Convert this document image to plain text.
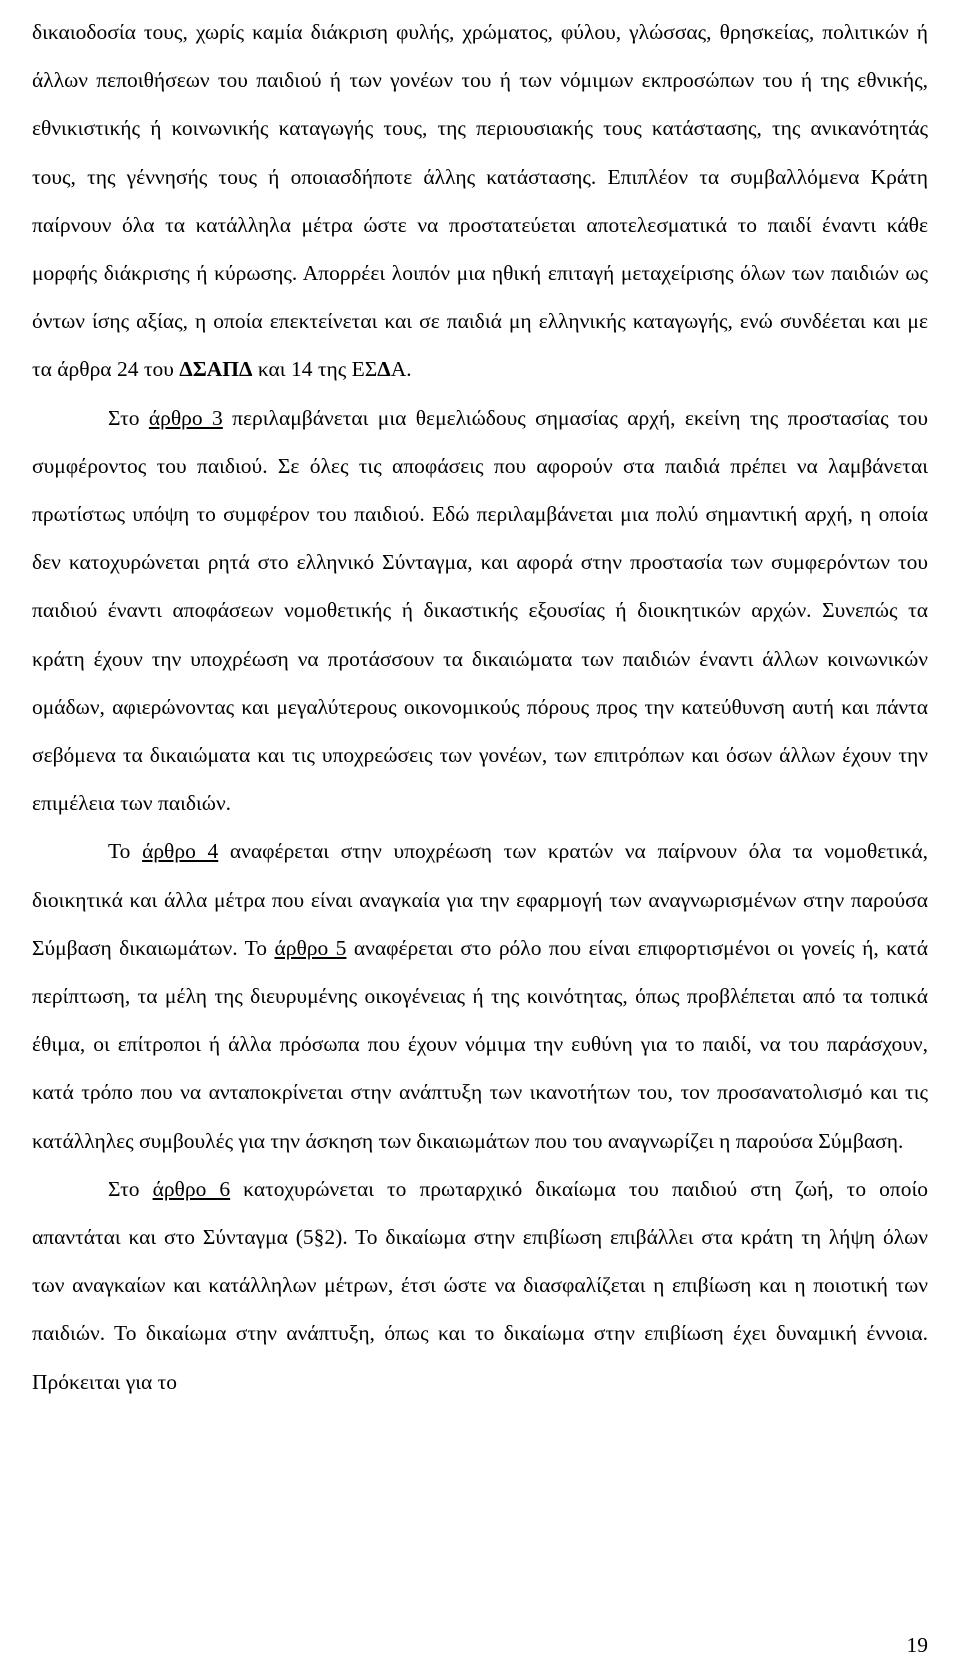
δικαιοδοσία τους, χωρίς καμία διάκριση φυλής, χρώματος, φύλου, γλώσσας, θρησκείας, πολιτικών ή άλλων πεποιθήσεων του παιδιού ή των γονέων του ή των νόμιμων εκπροσώπων του ή της εθνικής, εθνικιστικής ή κοινωνικής καταγωγής τους, της περιουσιακής τους κατάστασης, της ανικανότητάς τους, της γέννησής τους ή οποιασδήποτε άλλης κατάστασης. Επιπλέον τα συμβαλλόμενα Κράτη παίρνουν όλα τα κατάλληλα μέτρα ώστε να προστατεύεται αποτελεσματικά το παιδί έναντι κάθε μορφής διάκρισης ή κύρωσης. Απορρέει λοιπόν μια ηθική επιταγή μεταχείρισης όλων των παιδιών ως όντων ίσης αξίας, η οποία επεκτείνεται και σε παιδιά μη ελληνικής καταγωγής, ενώ συνδέεται και με τα άρθρα 24 του ΔΣΑΠΔ και 14 της ΕΣΔΑ.

Στο άρθρο 3 περιλαμβάνεται μια θεμελιώδους σημασίας αρχή, εκείνη της προστασίας του συμφέροντος του παιδιού. Σε όλες τις αποφάσεις που αφορούν στα παιδιά πρέπει να λαμβάνεται πρωτίστως υπόψη το συμφέρον του παιδιού. Εδώ περιλαμβάνεται μια πολύ σημαντική αρχή, η οποία δεν κατοχυρώνεται ρητά στο ελληνικό Σύνταγμα, και αφορά στην προστασία των συμφερόντων του παιδιού έναντι αποφάσεων νομοθετικής ή δικαστικής εξουσίας ή διοικητικών αρχών. Συνεπώς τα κράτη έχουν την υποχρέωση να προτάσσουν τα δικαιώματα των παιδιών έναντι άλλων κοινωνικών ομάδων, αφιερώνοντας και μεγαλύτερους οικονομικούς πόρους προς την κατεύθυνση αυτή και πάντα σεβόμενα τα δικαιώματα και τις υποχρεώσεις των γονέων, των επιτρόπων και όσων άλλων έχουν την επιμέλεια των παιδιών.

Το άρθρο 4 αναφέρεται στην υποχρέωση των κρατών να παίρνουν όλα τα νομοθετικά, διοικητικά και άλλα μέτρα που είναι αναγκαία για την εφαρμογή των αναγνωρισμένων στην παρούσα Σύμβαση δικαιωμάτων. Το άρθρο 5 αναφέρεται στο ρόλο που είναι επιφορτισμένοι οι γονείς ή, κατά περίπτωση, τα μέλη της διευρυμένης οικογένειας ή της κοινότητας, όπως προβλέπεται από τα τοπικά έθιμα, οι επίτροποι ή άλλα πρόσωπα που έχουν νόμιμα την ευθύνη για το παιδί, να του παράσχουν, κατά τρόπο που να ανταποκρίνεται στην ανάπτυξη των ικανοτήτων του, τον προσανατολισμό και τις κατάλληλες συμβουλές για την άσκηση των δικαιωμάτων που του αναγνωρίζει η παρούσα Σύμβαση.

Στο άρθρο 6 κατοχυρώνεται το πρωταρχικό δικαίωμα του παιδιού στη ζωή, το οποίο απαντάται και στο Σύνταγμα (5§2). Το δικαίωμα στην επιβίωση επιβάλλει στα κράτη τη λήψη όλων των αναγκαίων και κατάλληλων μέτρων, έτσι ώστε να διασφαλίζεται η επιβίωση και η ποιοτική των παιδιών. Το δικαίωμα στην ανάπτυξη, όπως και το δικαίωμα στην επιβίωση έχει δυναμική έννοια. Πρόκειται για το

19
